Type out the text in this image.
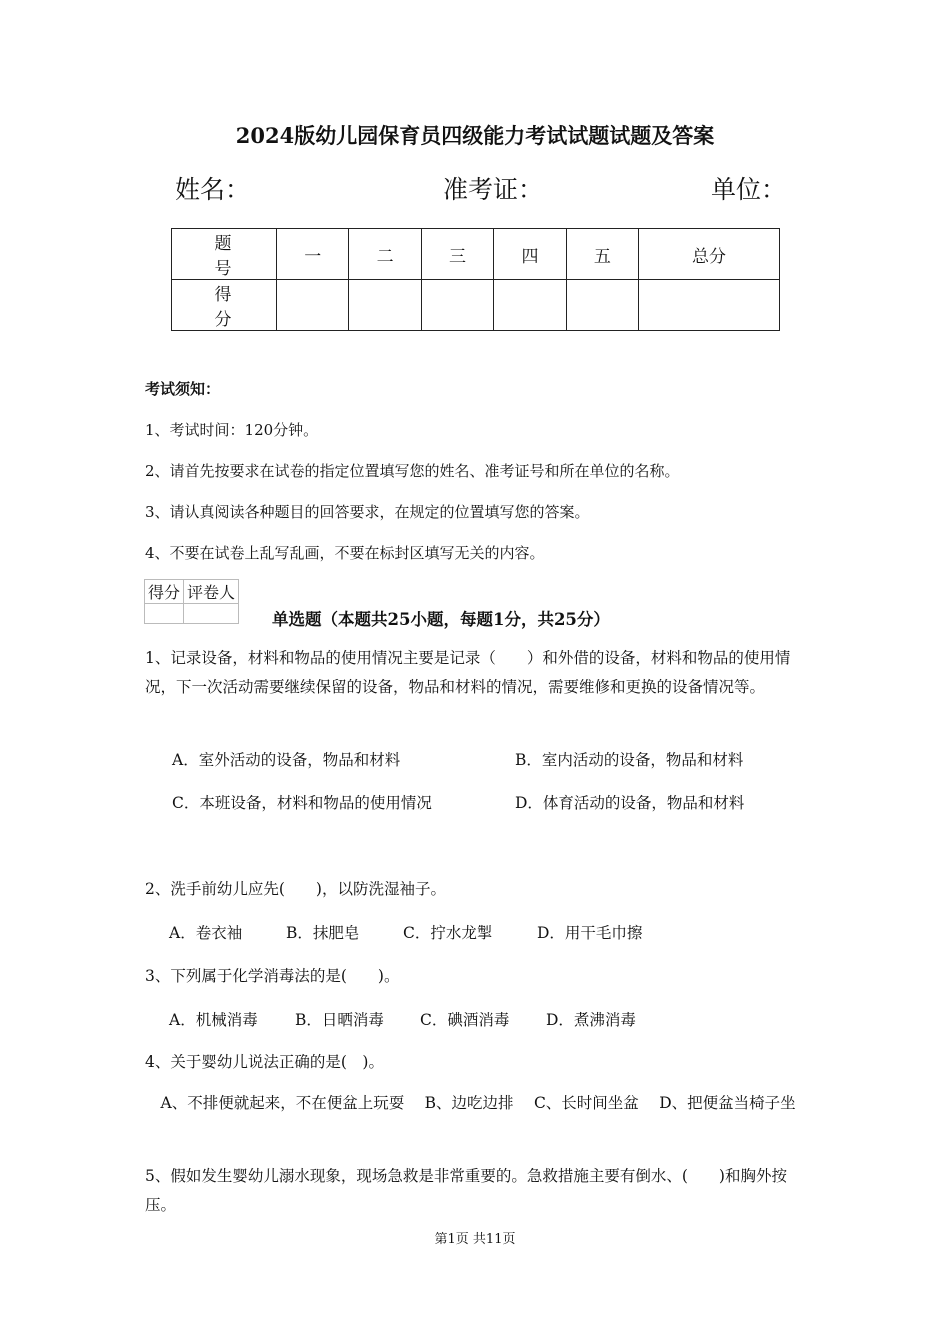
2024版幼儿园保育员四级能力考试试题试题及答案
姓名：	准考证：	单位：
题　号	一	二	三	四	五	总分
得　分						
考试须知：
1、考试时间：120分钟。
2、请首先按要求在试卷的指定位置填写您的姓名、准考证号和所在单位的名称。
3、请认真阅读各种题目的回答要求，在规定的位置填写您的答案。
4、不要在试卷上乱写乱画，不要在标封区填写无关的内容。
得分	评卷人

单选题（本题共25小题，每题1分，共25分）
1、记录设备，材料和物品的使用情况主要是记录（　　）和外借的设备，材料和物品的使用情况，下一次活动需要继续保留的设备，物品和材料的情况，需要维修和更换的设备情况等。
A．室外活动的设备，物品和材料	B．室内活动的设备，物品和材料
C．本班设备，材料和物品的使用情况	D．体育活动的设备，物品和材料
2、洗手前幼儿应先(　　)，以防洗湿袖子。
A．卷衣袖	B．抹肥皂	C．拧水龙掣	D．用干毛巾擦
3、下列属于化学消毒法的是(　　)。
A．机械消毒 B．日晒消毒 C．碘酒消毒 D．煮沸消毒
4、关于婴幼儿说法正确的是(　)。
　A、不排便就起来，不在便盆上玩耍　 B、边吃边排　 C、长时间坐盆　 D、把便盆当椅子坐
5、假如发生婴幼儿溺水现象，现场急救是非常重要的。急救措施主要有倒水、(　　)和胸外按压。
第1页 共11页
